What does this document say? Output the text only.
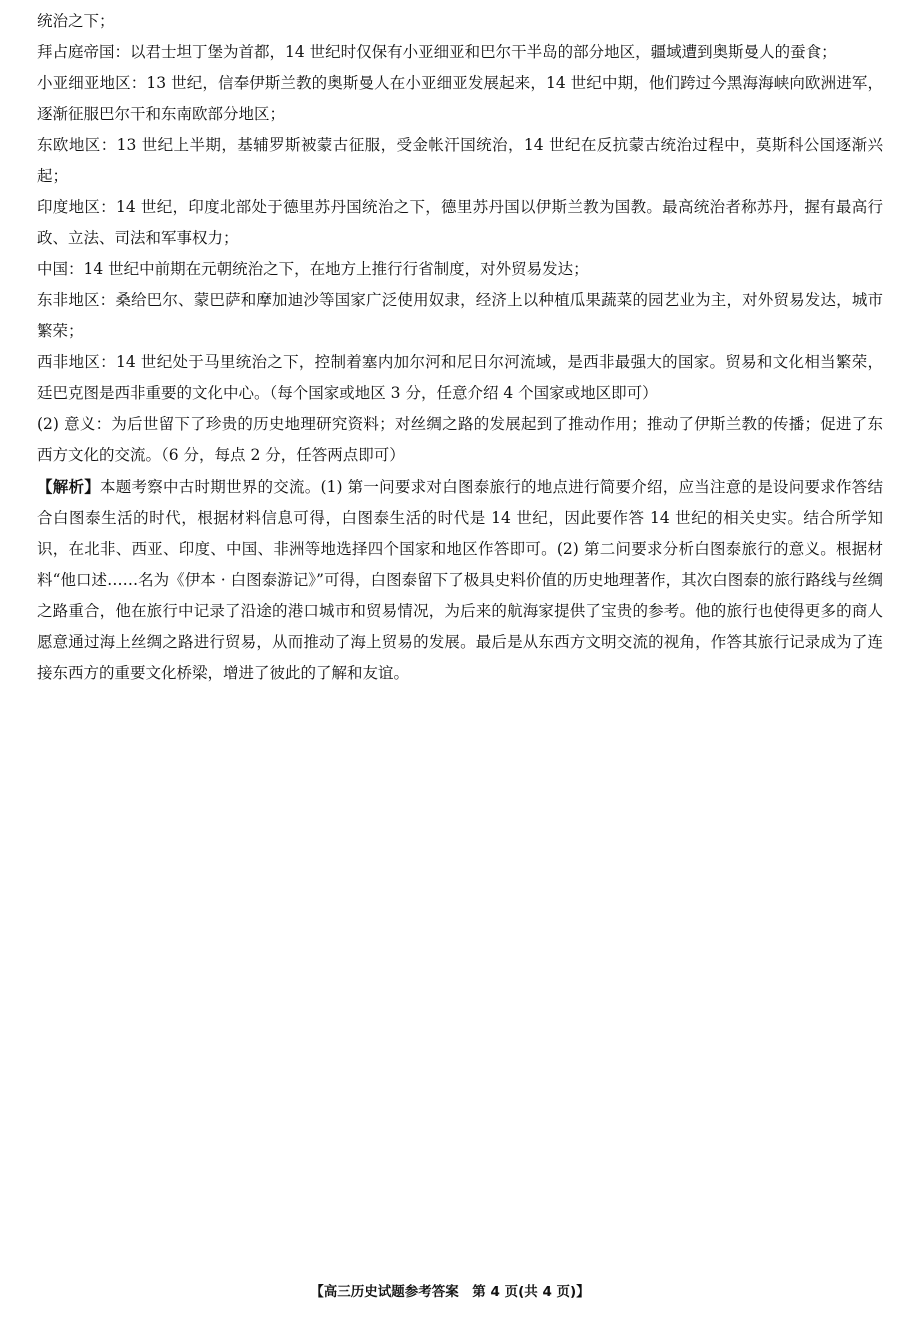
统治之下；

拜占庭帝国：以君士坦丁堡为首都，14 世纪时仅保有小亚细亚和巴尔干半岛的部分地区，疆域遭到奥斯曼人的蚕食；

小亚细亚地区：13 世纪，信奉伊斯兰教的奥斯曼人在小亚细亚发展起来，14 世纪中期，他们跨过今黑海海峡向欧洲进军，逐渐征服巴尔干和东南欧部分地区；

东欧地区：13 世纪上半期，基辅罗斯被蒙古征服，受金帐汗国统治，14 世纪在反抗蒙古统治过程中，莫斯科公国逐渐兴起；

印度地区：14 世纪，印度北部处于德里苏丹国统治之下，德里苏丹国以伊斯兰教为国教。最高统治者称苏丹，握有最高行政、立法、司法和军事权力；

中国：14 世纪中前期在元朝统治之下，在地方上推行行省制度，对外贸易发达；

东非地区：桑给巴尔、蒙巴萨和摩加迪沙等国家广泛使用奴隶，经济上以种植瓜果蔬菜的园艺业为主，对外贸易发达，城市繁荣；

西非地区：14 世纪处于马里统治之下，控制着塞内加尔河和尼日尔河流域，是西非最强大的国家。贸易和文化相当繁荣，廷巴克图是西非重要的文化中心。（每个国家或地区 3 分，任意介绍 4 个国家或地区即可）

(2) 意义：为后世留下了珍贵的历史地理研究资料；对丝绸之路的发展起到了推动作用；推动了伊斯兰教的传播；促进了东西方文化的交流。（6 分，每点 2 分，任答两点即可）

【解析】本题考察中古时期世界的交流。(1) 第一问要求对白图泰旅行的地点进行简要介绍，应当注意的是设问要求作答结合白图泰生活的时代，根据材料信息可得，白图泰生活的时代是 14 世纪，因此要作答 14 世纪的相关史实。结合所学知识，在北非、西亚、印度、中国、非洲等地选择四个国家和地区作答即可。(2) 第二问要求分析白图泰旅行的意义。根据材料“他口述……名为《伊本 · 白图泰游记》”可得，白图泰留下了极具史料价值的历史地理著作，其次白图泰的旅行路线与丝绸之路重合，他在旅行中记录了沿途的港口城市和贸易情况，为后来的航海家提供了宝贵的参考。他的旅行也使得更多的商人愿意通过海上丝绸之路进行贸易，从而推动了海上贸易的发展。最后是从东西方文明交流的视角，作答其旅行记录成为了连接东西方的重要文化桥梁，增进了彼此的了解和友谊。

【高三历史试题参考答案　第 4 页(共 4 页)】
